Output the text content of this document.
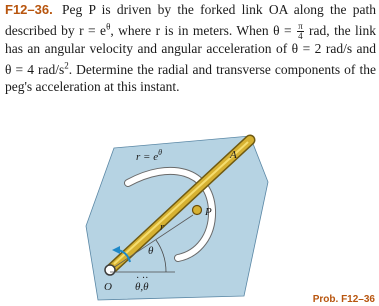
F12–36. Peg P is driven by the forked link OA along the path described by $r = e^\theta$, where r is in meters. When $\theta = \frac{\pi}{4}$ rad, the link has an angular velocity and angular acceleration of θ = 2 rad/s and θ = 4 rad/$s^2$. Determine the radial and transverse components of the peg's acceleration at this instant.
$r = e^\theta$	A
P
r
θ
O θ,θ
· ··
Prob. F12–36
